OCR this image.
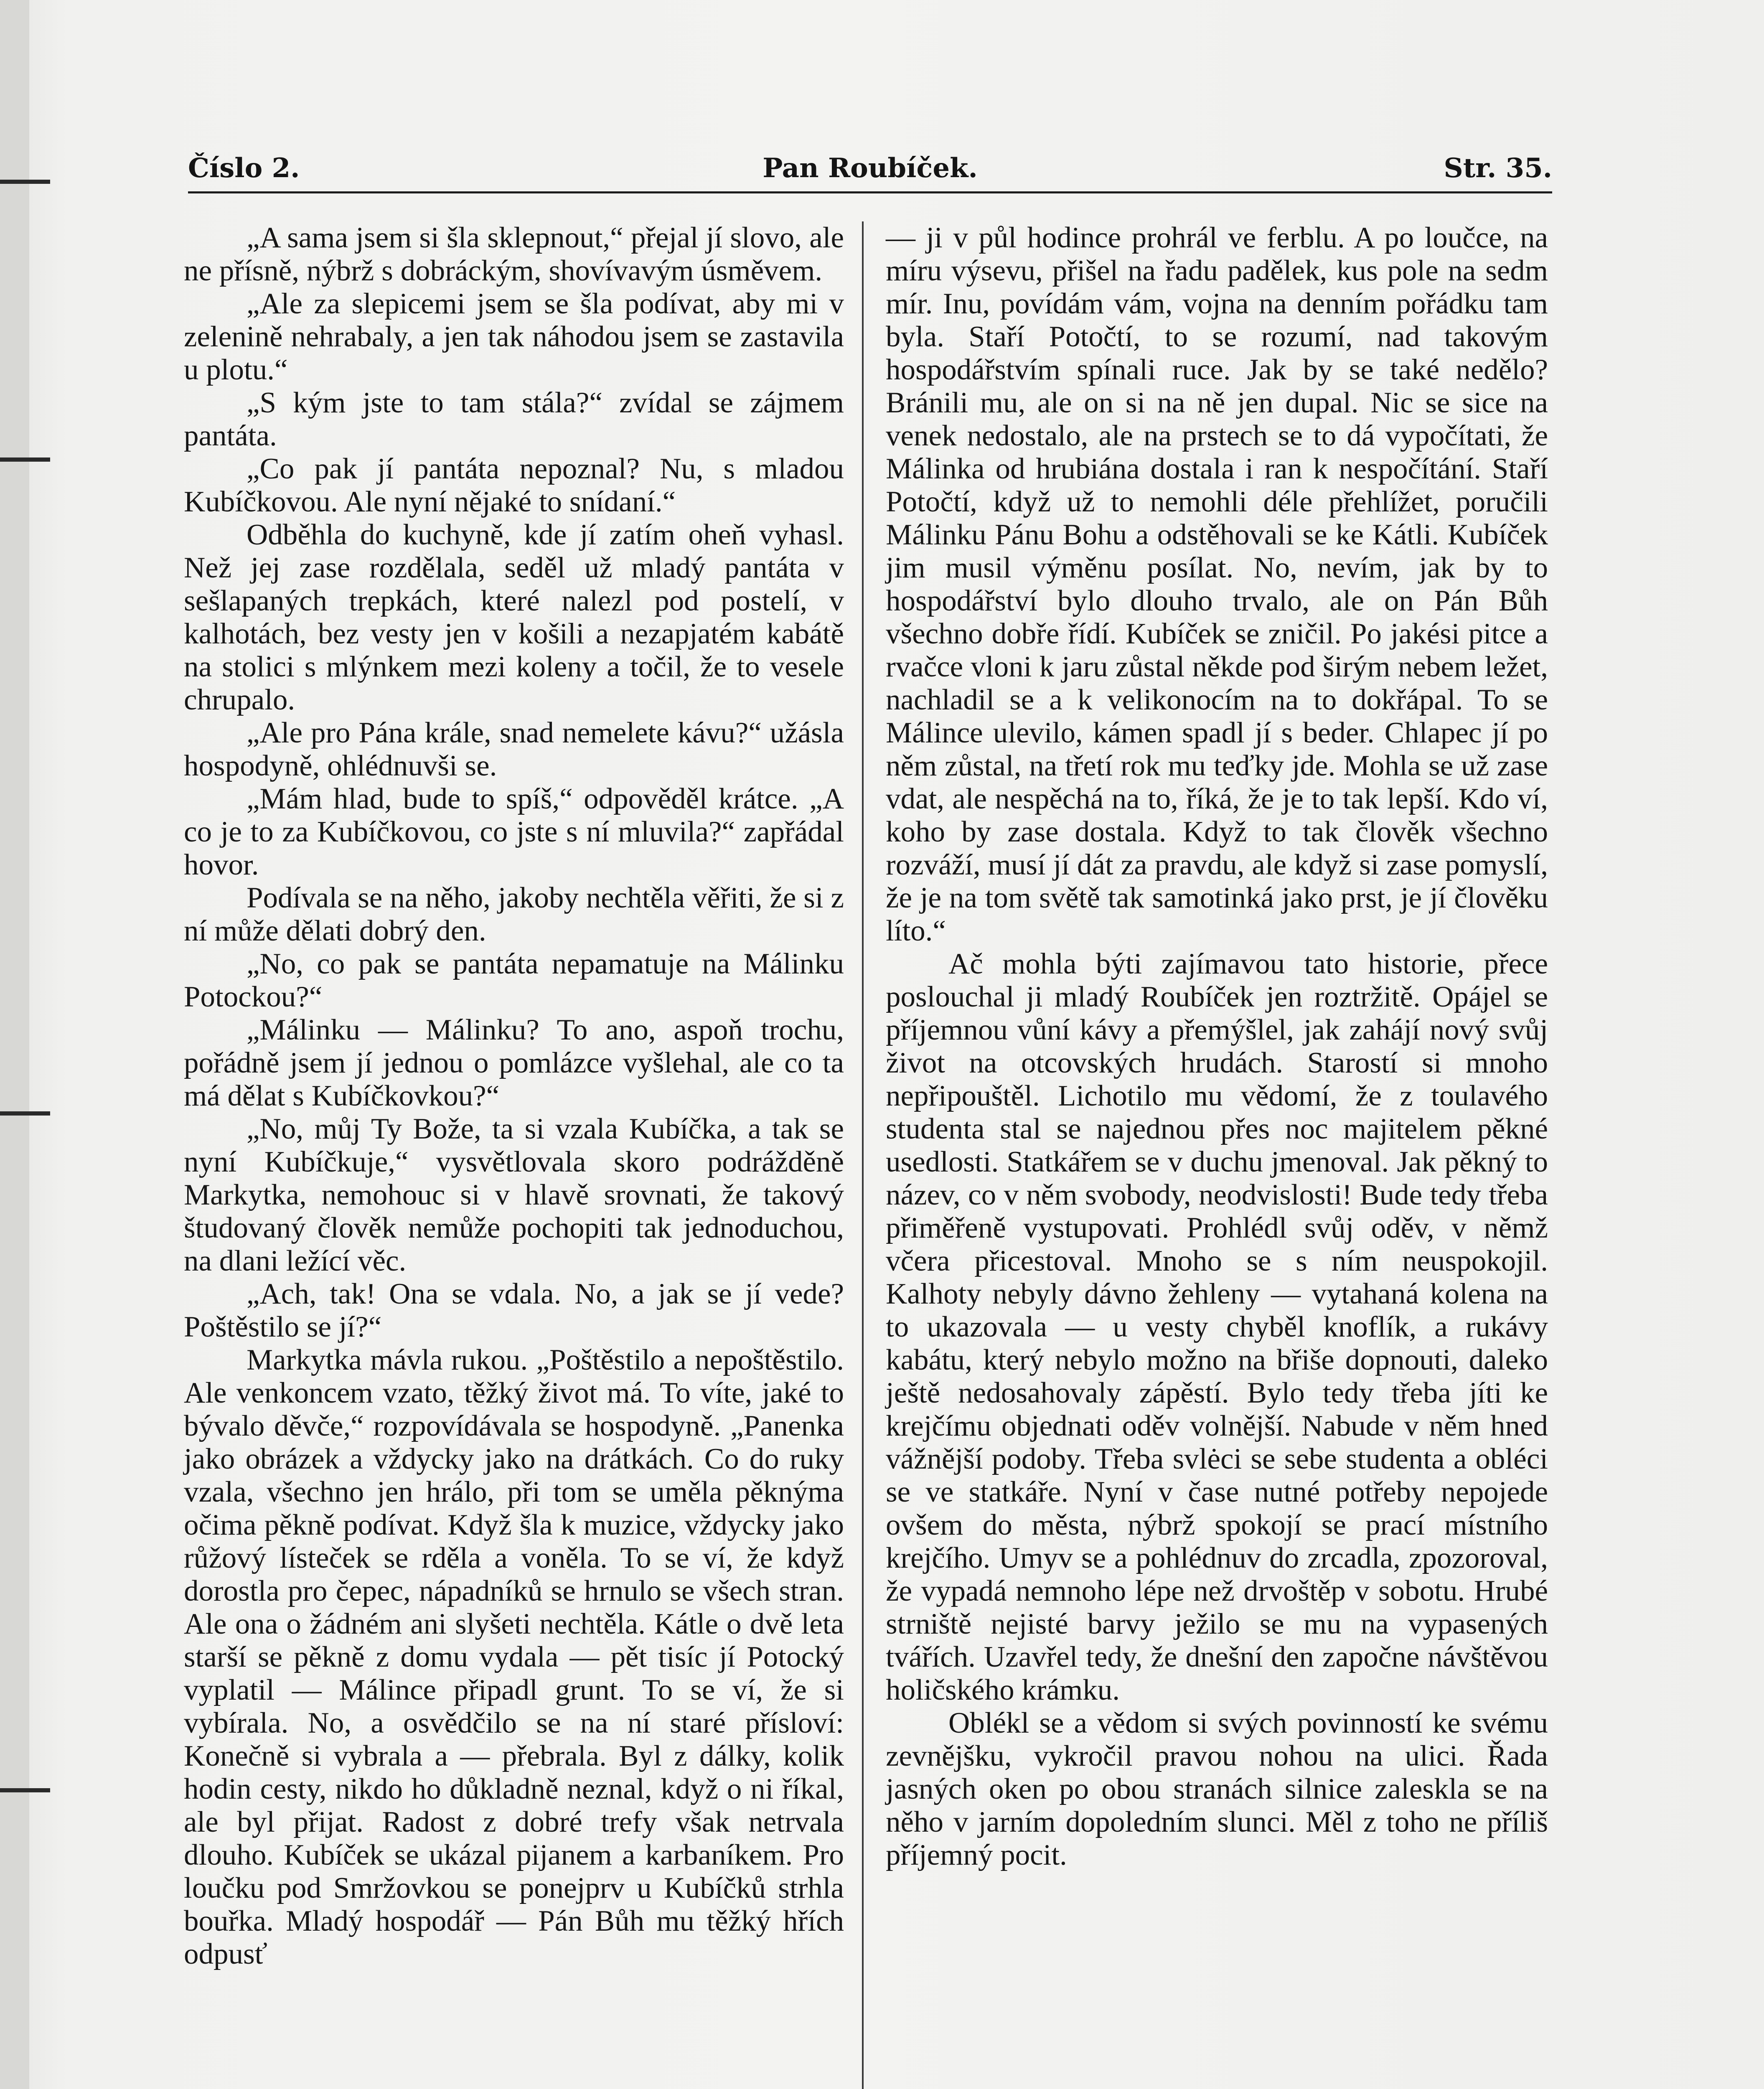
Číslo 2.	Pan Roubíček.	Str. 35.

„A sama jsem si šla sklepnout,“ přejal jí slovo, ale ne přísně, nýbrž s dobráckým, shovívavým úsměvem.

„Ale za slepicemi jsem se šla podívat, aby mi v zelenině nehrabaly, a jen tak náhodou jsem se zastavila u plotu.“

„S kým jste to tam stála?“ zvídal se zájmem pantáta.

„Co pak jí pantáta nepoznal? Nu, s mladou Kubíčkovou. Ale nyní nějaké to snídaní.“

Odběhla do kuchyně, kde jí zatím oheň vyhasl. Než jej zase rozdělala, seděl už mladý pantáta v sešlapaných trepkách, které nalezl pod postelí, v kalhotách, bez vesty jen v košili a nezapjatém kabátě na stolici s mlýnkem mezi koleny a točil, že to vesele chrupalo.

„Ale pro Pána krále, snad nemelete kávu?“ užásla hospodyně, ohlédnuvši se.

„Mám hlad, bude to spíš,“ odpověděl krátce. „A co je to za Kubíčkovou, co jste s ní mluvila?“ zapřádal hovor.

Podívala se na něho, jakoby nechtěla věřiti, že si z ní může dělati dobrý den.

„No, co pak se pantáta nepamatuje na Málinku Potockou?“

„Málinku — Málinku? To ano, aspoň trochu, pořádně jsem jí jednou o pomlázce vyšlehal, ale co ta má dělat s Kubíčkovkou?“

„No, můj Ty Bože, ta si vzala Kubíčka, a tak se nyní Kubíčkuje,“ vysvětlovala skoro podrážděně Markytka, nemohouc si v hlavě srovnati, že takový študovaný člověk nemůže pochopiti tak jednoduchou, na dlani ležící věc.

„Ach, tak! Ona se vdala. No, a jak se jí vede? Poštěstilo se jí?“

Markytka mávla rukou. „Poštěstilo a nepoštěstilo. Ale venkoncem vzato, těžký život má. To víte, jaké to bývalo děvče,“ rozpovídávala se hospodyně. „Panenka jako obrázek a vždycky jako na drátkách. Co do ruky vzala, všechno jen hrálo, při tom se uměla pěknýma očima pěkně podívat. Když šla k muzice, vždycky jako růžový lísteček se rděla a voněla. To se ví, že když dorostla pro čepec, nápadníků se hrnulo se všech stran. Ale ona o žádném ani slyšeti nechtěla. Kátle o dvě leta starší se pěkně z domu vydala — pět tisíc jí Potocký vyplatil — Málince připadl grunt. To se ví, že si vybírala. No, a osvědčilo se na ní staré přísloví: Konečně si vybrala a — přebrala. Byl z dálky, kolik hodin cesty, nikdo ho důkladně neznal, když o ni říkal, ale byl přijat. Radost z dobré trefy však netrvala dlouho. Kubíček se ukázal pijanem a karbaníkem. Pro loučku pod Smržovkou se ponejprv u Kubíčků strhla bouřka. Mladý hospodář — Pán Bůh mu těžký hřích odpusť

— ji v půl hodince prohrál ve ferblu. A po loučce, na míru výsevu, přišel na řadu padělek, kus pole na sedm mír. Inu, povídám vám, vojna na denním pořádku tam byla. Staří Potočtí, to se rozumí, nad takovým hospodářstvím spínali ruce. Jak by se také nedělo? Bránili mu, ale on si na ně jen dupal. Nic se sice na venek nedostalo, ale na prstech se to dá vypočítati, že Málinka od hrubiána dostala i ran k nespočítání. Staří Potočtí, když už to nemohli déle přehlížet, poručili Málinku Pánu Bohu a odstěhovali se ke Kátli. Kubíček jim musil výměnu posílat. No, nevím, jak by to hospodářství bylo dlouho trvalo, ale on Pán Bůh všechno dobře řídí. Kubíček se zničil. Po jakési pitce a rvačce vloni k jaru zůstal někde pod širým nebem ležet, nachladil se a k velikonocím na to dokřápal. To se Málince ulevilo, kámen spadl jí s beder. Chlapec jí po něm zůstal, na třetí rok mu teďky jde. Mohla se už zase vdat, ale nespěchá na to, říká, že je to tak lepší. Kdo ví, koho by zase dostala. Když to tak člověk všechno rozváží, musí jí dát za pravdu, ale když si zase pomyslí, že je na tom světě tak samotinká jako prst, je jí člověku líto.“

Ač mohla býti zajímavou tato historie, přece poslouchal ji mladý Roubíček jen roztržitě. Opájel se příjemnou vůní kávy a přemýšlel, jak zahájí nový svůj život na otcovských hrudách. Starostí si mnoho nepřipouštěl. Lichotilo mu vědomí, že z toulavého studenta stal se najednou přes noc majitelem pěkné usedlosti. Statkářem se v duchu jmenoval. Jak pěkný to název, co v něm svobody, neodvislosti! Bude tedy třeba přiměřeně vystupovati. Prohlédl svůj oděv, v němž včera přicestoval. Mnoho se s ním neuspokojil. Kalhoty nebyly dávno žehleny — vytahaná kolena na to ukazovala — u vesty chyběl knoflík, a rukávy kabátu, který nebylo možno na břiše dopnouti, daleko ještě nedosahovaly zápěstí. Bylo tedy třeba jíti ke krejčímu objednati oděv volnější. Nabude v něm hned vážnější podoby. Třeba svlėci se sebe studenta a obléci se ve statkáře. Nyní v čase nutné potřeby nepojede ovšem do města, nýbrž spokojí se prací místního krejčího. Umyv se a pohlédnuv do zrcadla, zpozoroval, že vypadá nemnoho lépe než drvoštěp v sobotu. Hrubé strniště nejisté barvy ježilo se mu na vypasených tvářích. Uzavřel tedy, že dnešní den započne návštěvou holičského krámku.

Oblékl se a vědom si svých povinností ke svému zevnějšku, vykročil pravou nohou na ulici. Řada jasných oken po obou stranách silnice zaleskla se na něho v jarním dopoledním slunci. Měl z toho ne příliš příjemný pocit.
